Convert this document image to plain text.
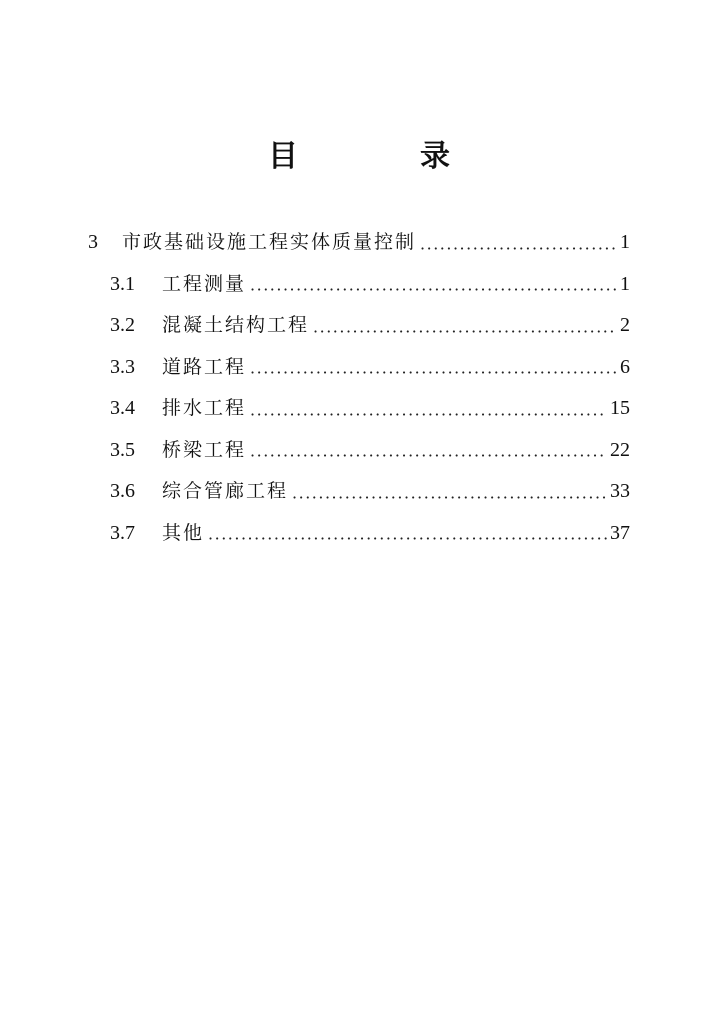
目　录
3	市政基础设施工程实体质量控制 ·····	1
3.1	工程测量 ·····	1
3.2	混凝土结构工程 ·····	2
3.3	道路工程 ·····	6
3.4	排水工程 ·····	15
3.5	桥梁工程 ·····	22
3.6	综合管廊工程 ·····	33
3.7	其他 ·····	37
